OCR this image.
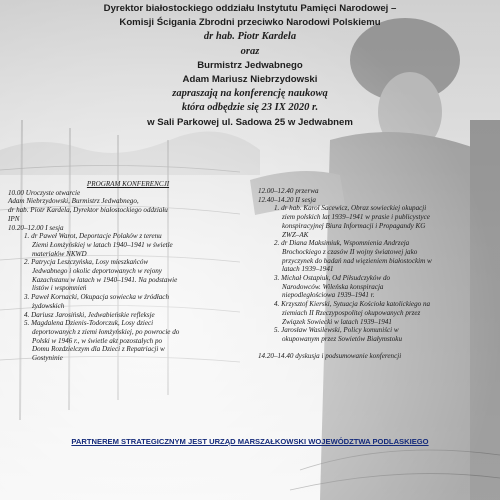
Dyrektor białostockiego oddziału Instytutu Pamięci Narodowej –
Komisji Ścigania Zbrodni przeciwko Narodowi Polskiemu
dr hab. Piotr Kardela
oraz
Burmistrz Jedwabnego
Adam Mariusz Niebrzydowski
zapraszają na konferencję naukową
która odbędzie się 23 IX 2020 r.
w Sali Parkowej ul. Sadowa 25 w Jedwabnem
PROGRAM KONFERENCJI
10.00 Uroczyste otwarcie
Adam Niebrzydowski, Burmistrz Jedwabnego,
dr hab. Piotr Kardela, Dyrektor białostockiego oddziału
IPN
10.20–12.00 I sesja
1. dr Paweł Warot, Deportacje Polaków z terenu
Ziemi Łomżyńskiej w latach 1940–1941 w świetle
materiałów NKWD
2. Patrycja Leszczyńska, Losy mieszkańców
Jedwabnego i okolic deportowanych w rejony
Kazachstanu w latach w 1940–1941. Na podstawie
listów i wspomnień
3. Paweł Kornacki, Okupacja sowiecka w źródłach
żydowskich
4. Dariusz Jarosiński, Jedwabieńskie refleksje
5. Magdalena Dzienis-Todorczuk, Losy dzieci
deportowanych z ziemi łomżyńskiej, po powrocie do
Polski w 1946 r., w świetle akt pozostałych po
Domu Rozdzielczym dla Dzieci z Repatriacji w
Gostyninie
12.00–12.40 przerwa
12.40–14.20 II sesja
1. dr hab. Karol Sacewicz, Obraz sowieckiej okupacji
ziem polskich lat 1939–1941 w prasie i publicystyce
konspiracyjnej Biura Informacji i Propagandy KG
ZWZ–AK
2. dr Diana Maksimiuk, Wspomnienia Andrzeja
Brochockiego z czasów II wojny światowej jako
przyczynek do badań nad więzieniem białostockim w
latach 1939–1941
3. Michał Ostapiuk, Od Piłsudczyków do
Narodowców. Wileńska konspiracja
niepodległościowa 1939–1941 r.
4. Krzysztof Kierski, Sytuacja Kościoła katolickiego na
ziemiach II Rzeczypospolitej okupowanych przez
Związek Sowiecki w latach 1939–1941
5. Jarosław Wasilewski, Policy komuniści w
okupowanym przez Sowietów Białymstoku

14.20–14.40 dyskusja i podsumowanie konferencji
PARTNEREM STRATEGICZNYM JEST URZĄD MARSZAŁKOWSKI WOJEWÓDZTWA PODLASKIEGO
